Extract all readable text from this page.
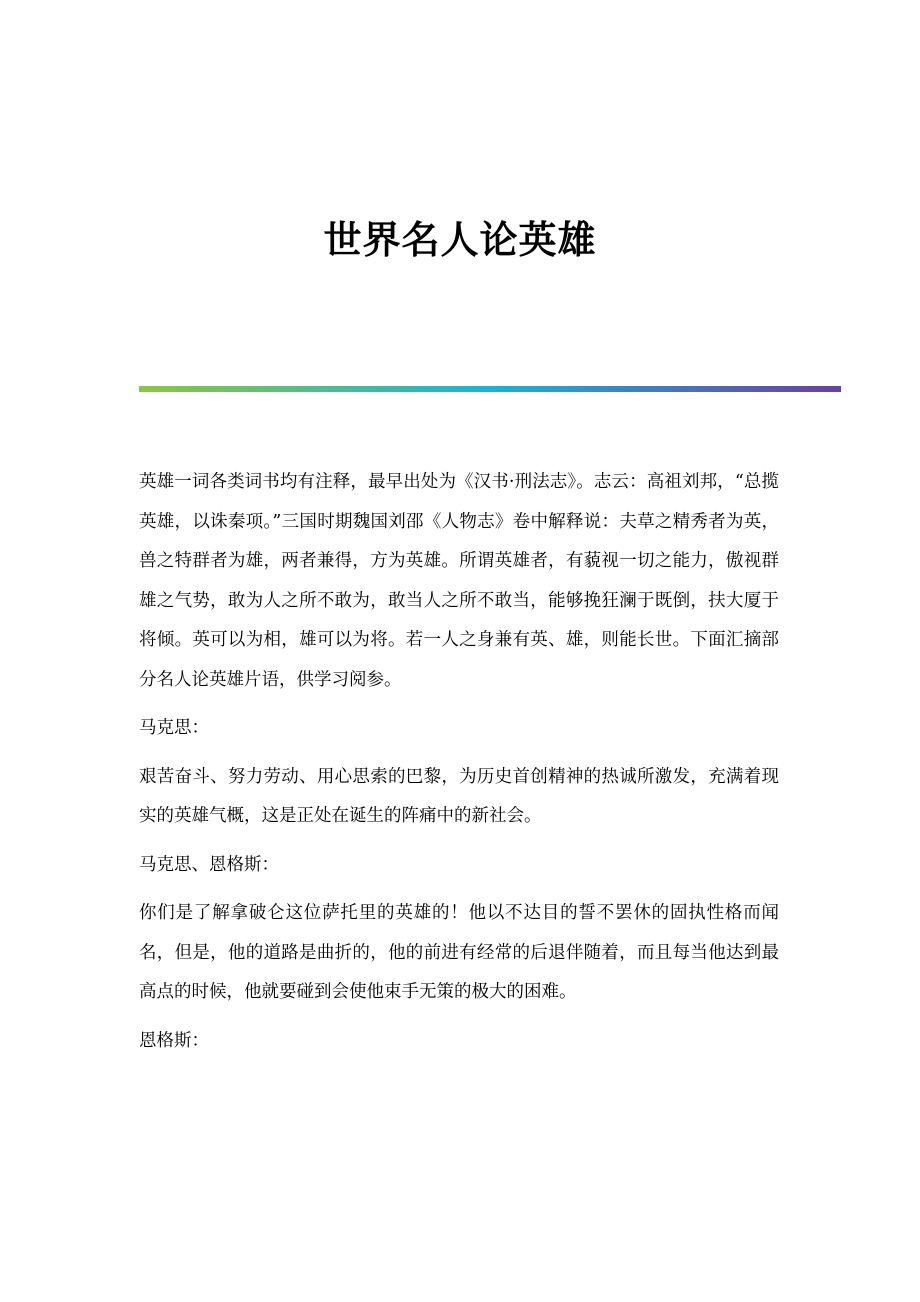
世界名人论英雄

英雄一词各类词书均有注释，最早出处为《汉书·刑法志》。志云：高祖刘邦，“总揽英雄，以诛秦项。”三国时期魏国刘邵《人物志》卷中解释说：夫草之精秀者为英，兽之特群者为雄，两者兼得，方为英雄。所谓英雄者，有藐视一切之能力，傲视群雄之气势，敢为人之所不敢为，敢当人之所不敢当，能够挽狂澜于既倒，扶大厦于将倾。英可以为相，雄可以为将。若一人之身兼有英、雄，则能长世。下面汇摘部分名人论英雄片语，供学习阅参。

马克思：

艰苦奋斗、努力劳动、用心思索的巴黎，为历史首创精神的热诚所激发，充满着现实的英雄气概，这是正处在诞生的阵痛中的新社会。

马克思、恩格斯：

你们是了解拿破仑这位萨托里的英雄的！他以不达目的誓不罢休的固执性格而闻名，但是，他的道路是曲折的，他的前进有经常的后退伴随着，而且每当他达到最高点的时候，他就要碰到会使他束手无策的极大的困难。

恩格斯：
